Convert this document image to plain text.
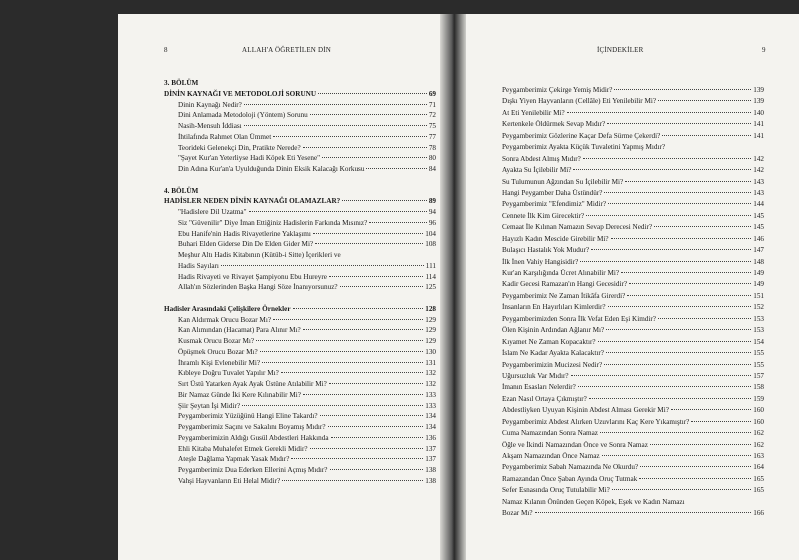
8	ALLAH'A ÖĞRETİLEN DİN
3. BÖLÜM
DİNİN KAYNAĞI VE METODOLOJİ SORUNU	69
Dinin Kaynağı Nedir?	71
Dini Anlamada Metodoloji (Yöntem) Sorunu	72
Nasih-Mensuh İddiası	75
İhtilafında Rahmet Olan Ümmet	77
Teorideki Gelenekçi Din, Pratikte Nerede?	78
"Şayet Kur'an Yeterliyse Hadi Köpek Eti Yesene"	80
Din Adına Kur'an'a Uyulduğunda Dinin Eksik Kalacağı Korkusu	84
4. BÖLÜM
HADİSLER NEDEN DİNİN KAYNAĞI OLAMAZLAR?	89
"Hadislere Dil Uzatma"	94
Siz "Güvenilir" Diye İman Ettiğiniz Hadislerin Farkında Mısınız?	96
Ebu Hanife'nin Hadis Rivayetlerine Yaklaşımı	104
Buhari Elden Giderse Din De Elden Gider Mi?	108
Meşhur Altı Hadis Kitabının (Kütüb-i Sitte) İçerikleri ve
Hadis Sayıları	111
Hadis Rivayeti ve Rivayet Şampiyonu Ebu Hureyre	114
Allah'ın Sözlerinden Başka Hangi Söze İnanıyorsunuz?	125
Hadisler Arasındaki Çelişkilere Örnekler	128
Kan Aldırmak Orucu Bozar Mı?	129
Kan Alımından (Hacamat) Para Alınır Mı?	129
Kusmak Orucu Bozar Mı?	129
Öpüşmek Orucu Bozar Mı?	130
İhramlı Kişi Evlenebilir Mi?	131
Kıbleye Doğru Tuvalet Yapılır Mı?	132
Sırt Üstü Yatarken Ayak Ayak Üstüne Atılabilir Mi?	132
Bir Namaz Günde İki Kere Kılınabilir Mi?	133
Şiir Şeytan İşi Midir?	133
Peygamberimiz Yüzüğünü Hangi Eline Takardı?	134
Peygamberimiz Saçını ve Sakalını Boyamış Mıdır?	134
Peygamberimizin Aldığı Gusül Abdestleri Hakkında	136
Ehli Kitaba Muhalefet Etmek Gerekli Midir?	137
Ateşle Dağlama Yapmak Yasak Mıdır?	137
Peygamberimiz Dua Ederken Ellerini Açmış Mıdır?	138
Vahşi Hayvanların Eti Helal Midir?	138
İÇİNDEKİLER	9
Peygamberimiz Çekirge Yemiş Midir?	139
Dışkı Yiyen Hayvanların (Cellâle) Eti Yenilebilir Mi?	139
At Eti Yenilebilir Mi?	140
Kertenkele Öldürmek Sevap Mıdır?	141
Peygamberimiz Gözlerine Kaçar Defa Sürme Çekerdi?	141
Peygamberimiz Ayakta Küçük Tuvaletini Yapmış Mıdır?
Sonra Abdest Almış Mıdır?	142
Ayakta Su İçilebilir Mi?	142
Su Tulumunun Ağzından Su İçilebilir Mi?	143
Hangi Peygamber Daha Üstündür?	143
Peygamberimiz "Efendimiz" Midir?	144
Cennete İlk Kim Girecektir?	145
Cemaat İle Kılınan Namazın Sevap Derecesi Nedir?	145
Hayızlı Kadın Mescide Girebilir Mi?	146
Bulaşıcı Hastalık Yok Mudur?	147
İlk İnen Vahiy Hangisidir?	148
Kur'an Karşılığında Ücret Alınabilir Mi?	149
Kadir Gecesi Ramazan'ın Hangi Gecesidir?	149
Peygamberimiz Ne Zaman İtikâfa Girerdi?	151
İnsanların En Hayırlıları Kimlerdir?	152
Peygamberimizden Sonra İlk Vefat Eden Eşi Kimdir?	153
Ölen Kişinin Ardından Ağlanır Mı?	153
Kıyamet Ne Zaman Kopacaktır?	154
İslam Ne Kadar Ayakta Kalacaktır?	155
Peygamberimizin Mucizesi Nedir?	155
Uğursuzluk Var Mıdır?	157
İmanın Esasları Nelerdir?	158
Ezan Nasıl Ortaya Çıkmıştır?	159
Abdestliyken Uyuyan Kişinin Abdest Alması Gerekir Mi?	160
Peygamberimiz Abdest Alırken Uzuvlarını Kaç Kere Yıkamıştır?	160
Cuma Namazından Sonra Namaz	162
Öğle ve İkindi Namazından Önce ve Sonra Namaz	162
Akşam Namazından Önce Namaz	163
Peygamberimiz Sabah Namazında Ne Okurdu?	164
Ramazandan Önce Şaban Ayında Oruç Tutmak	165
Sefer Esnasında Oruç Tutulabilir Mi?	165
Namaz Kılanın Önünden Geçen Köpek, Eşek ve Kadın Namazı
Bozar Mı?	166
